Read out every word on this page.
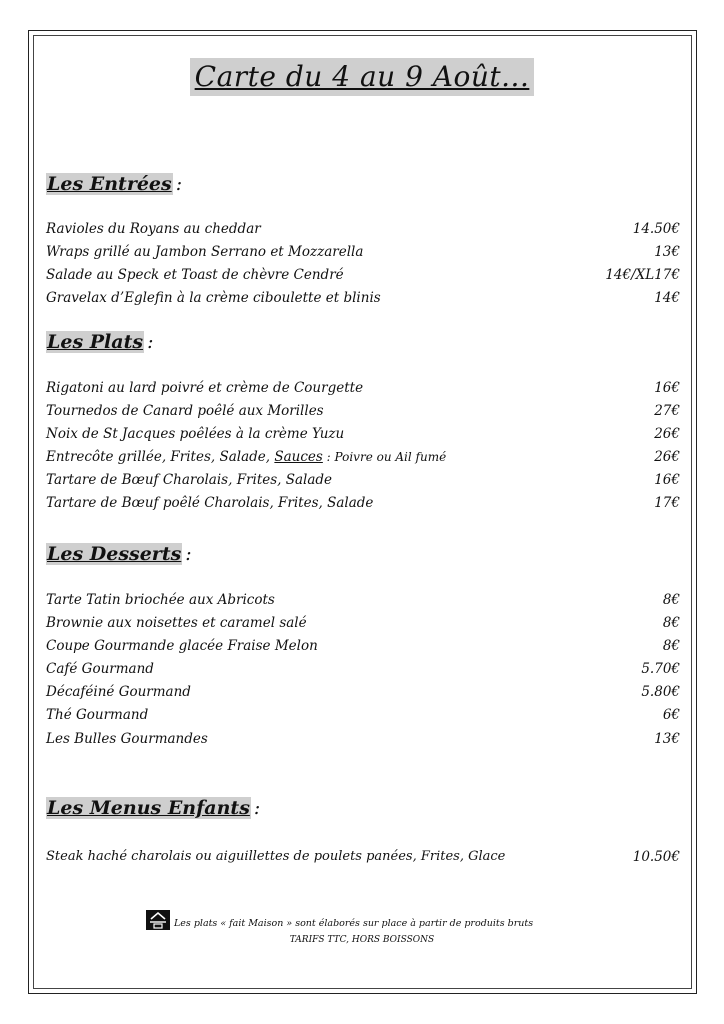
Carte du 4 au 9 Août...
Les Entrées :
Ravioles du Royans au cheddar	14.50€
Wraps grillé au Jambon Serrano et Mozzarella	13€
Salade au Speck et Toast de chèvre Cendré	14€/XL17€
Gravelax d’Eglefin à la crème ciboulette et blinis	14€
Les Plats :
Rigatoni au lard poivré et crème de Courgette	16€
Tournedos de Canard poêlé aux Morilles	27€
Noix de St Jacques poêlées à la crème Yuzu	26€
Entrecôte grillée, Frites, Salade, Sauces : Poivre ou Ail fumé	26€
Tartare de Bœuf Charolais, Frites, Salade	16€
Tartare de Bœuf poêlé Charolais, Frites, Salade	17€
Les Desserts :
Tarte Tatin briochée aux Abricots	8€
Brownie aux noisettes et caramel salé	8€
Coupe Gourmande glacée Fraise Melon	8€
Café Gourmand	5.70€
Décaféiné Gourmand	5.80€
Thé Gourmand	6€
Les Bulles Gourmandes	13€
Les Menus Enfants :
Steak haché charolais ou aiguillettes de poulets panées, Frites, Glace	10.50€
Les plats « fait Maison » sont élaborés sur place à partir de produits bruts
TARIFS TTC, HORS BOISSONS
